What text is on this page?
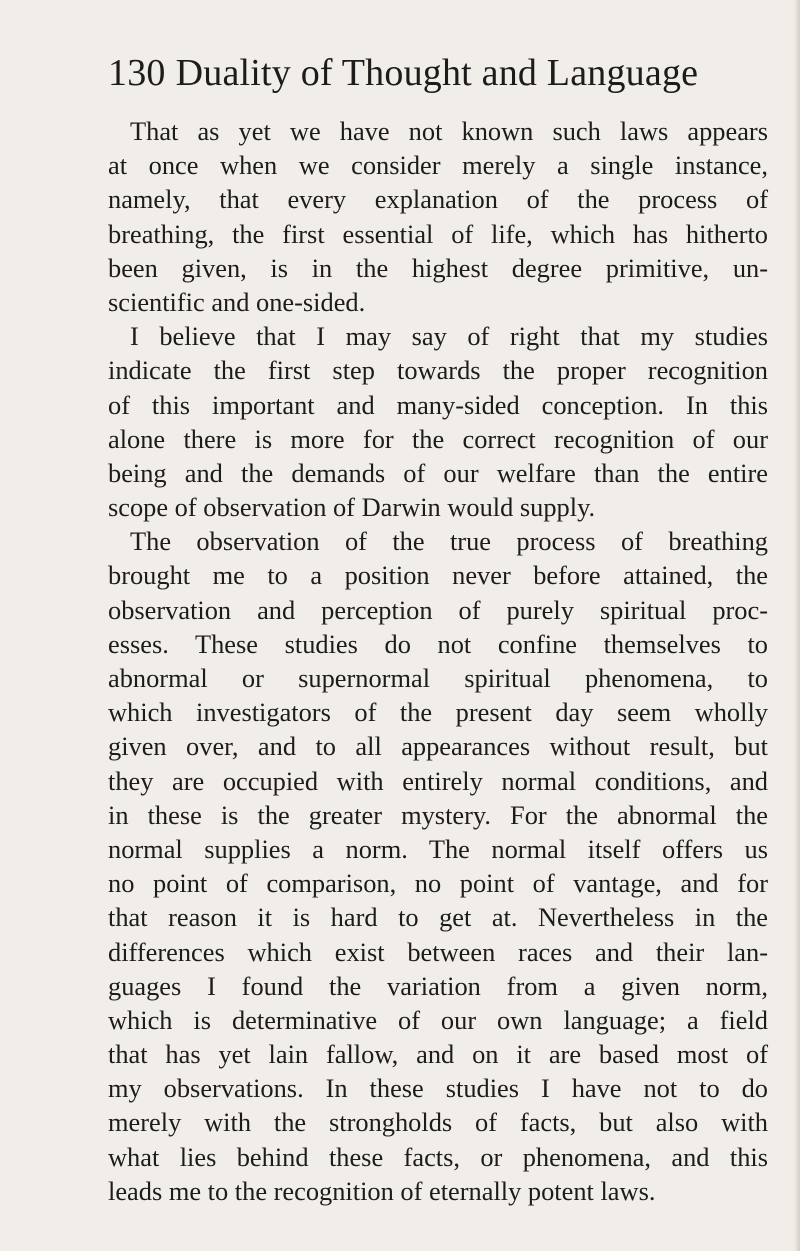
130 Duality of Thought and Language
That as yet we have not known such laws appears
at once when we consider merely a single instance,
namely, that every explanation of the process of
breathing, the first essential of life, which has hitherto
been given, is in the highest degree primitive, un-
scientific and one-sided.
I believe that I may say of right that my studies
indicate the first step towards the proper recognition
of this important and many-sided conception. In this
alone there is more for the correct recognition of our
being and the demands of our welfare than the entire
scope of observation of Darwin would supply.
The observation of the true process of breathing
brought me to a position never before attained, the
observation and perception of purely spiritual proc-
esses. These studies do not confine themselves to
abnormal or supernormal spiritual phenomena, to
which investigators of the present day seem wholly
given over, and to all appearances without result, but
they are occupied with entirely normal conditions, and
in these is the greater mystery. For the abnormal the
normal supplies a norm. The normal itself offers us
no point of comparison, no point of vantage, and for
that reason it is hard to get at. Nevertheless in the
differences which exist between races and their lan-
guages I found the variation from a given norm,
which is determinative of our own language; a field
that has yet lain fallow, and on it are based most of
my observations. In these studies I have not to do
merely with the strongholds of facts, but also with
what lies behind these facts, or phenomena, and this
leads me to the recognition of eternally potent laws.
